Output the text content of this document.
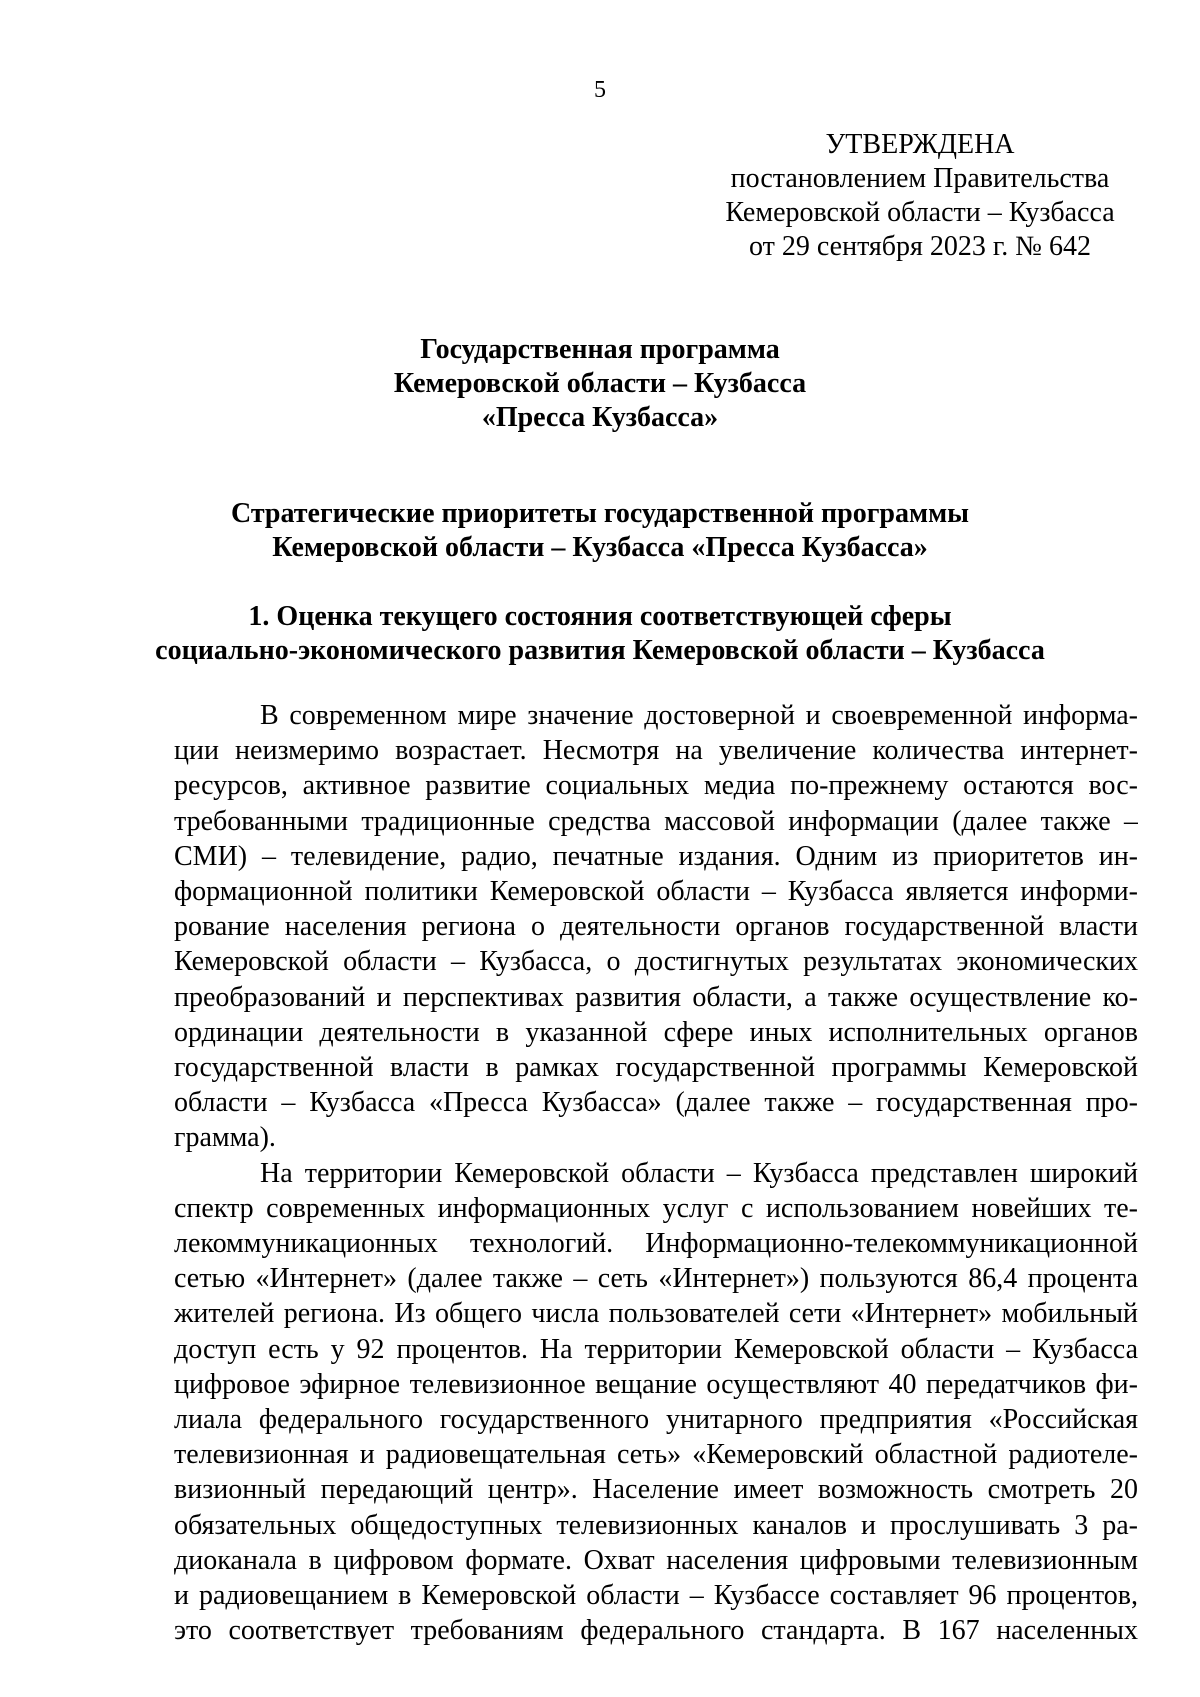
5
УТВЕРЖДЕНА
постановлением Правительства
Кемеровской области – Кузбасса
от 29 сентября 2023 г. № 642
Государственная программа
Кемеровской области – Кузбасса
«Пресса Кузбасса»
Стратегические приоритеты государственной программы
Кемеровской области – Кузбасса «Пресса Кузбасса»
1. Оценка текущего состояния соответствующей сферы
социально-экономического развития Кемеровской области – Кузбасса
В современном мире значение достоверной и своевременной информа-
ции неизмеримо возрастает. Несмотря на увеличение количества интернет-
ресурсов, активное развитие социальных медиа по-прежнему остаются вос-
требованными традиционные средства массовой информации (далее также –
СМИ) – телевидение, радио, печатные издания. Одним из приоритетов ин-
формационной политики Кемеровской области – Кузбасса является информи-
рование населения региона о деятельности органов государственной власти
Кемеровской области – Кузбасса, о достигнутых результатах экономических
преобразований и перспективах развития области, а также осуществление ко-
ординации деятельности в указанной сфере иных исполнительных органов
государственной власти в рамках государственной программы Кемеровской
области – Кузбасса «Пресса Кузбасса» (далее также – государственная про-
грамма).
На территории Кемеровской области – Кузбасса представлен широкий
спектр современных информационных услуг с использованием новейших те-
лекоммуникационных технологий. Информационно-телекоммуникационной
сетью «Интернет» (далее также – сеть «Интернет») пользуются 86,4 процента
жителей региона. Из общего числа пользователей сети «Интернет» мобильный
доступ есть у 92 процентов. На территории Кемеровской области – Кузбасса
цифровое эфирное телевизионное вещание осуществляют 40 передатчиков фи-
лиала федерального государственного унитарного предприятия «Российская
телевизионная и радиовещательная сеть» «Кемеровский областной радиотеле-
визионный передающий центр». Население имеет возможность смотреть 20
обязательных общедоступных телевизионных каналов и прослушивать 3 ра-
диоканала в цифровом формате. Охват населения цифровыми телевизионным
и радиовещанием в Кемеровской области – Кузбассе составляет 96 процентов,
это соответствует требованиям федерального стандарта. В 167 населенных
